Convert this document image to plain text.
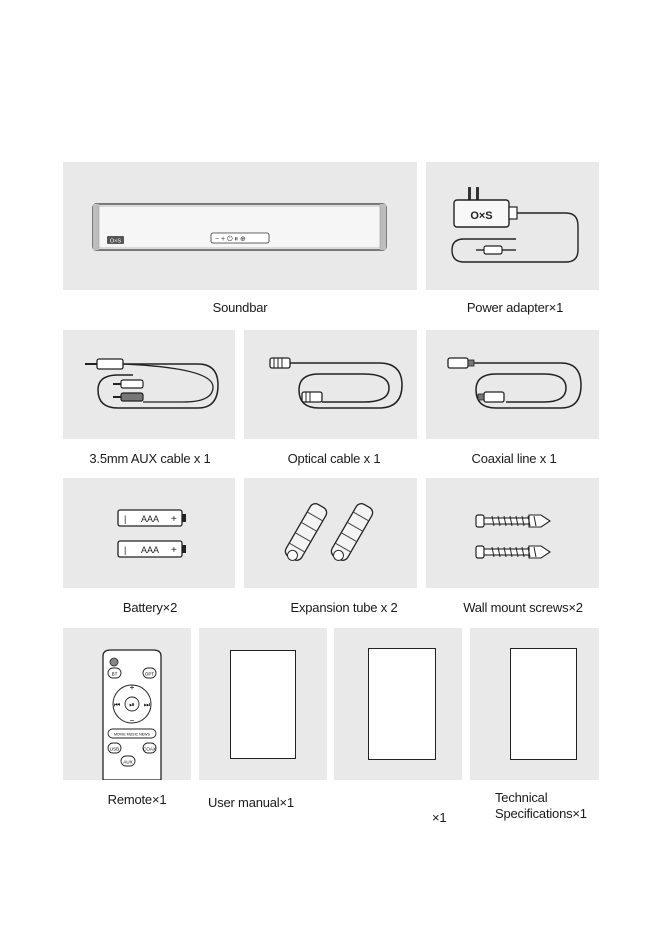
O×S	− + ⏻ ⏸ ⊕
O×S
Soundbar	Power adapter×1
3.5mm AUX cable x 1	Optical cable x 1	Coaxial line x 1
| AAA +
| AAA +
Battery×2	Expansion tube x 2	Wall mount screws×2
BT	OPT
⏯
+
−
⏮	⏭
MOVIE MUSIC NEWS
USB	COAX
AUX
Remote×1	User manual×1
×1
Technical
Specifications×1
